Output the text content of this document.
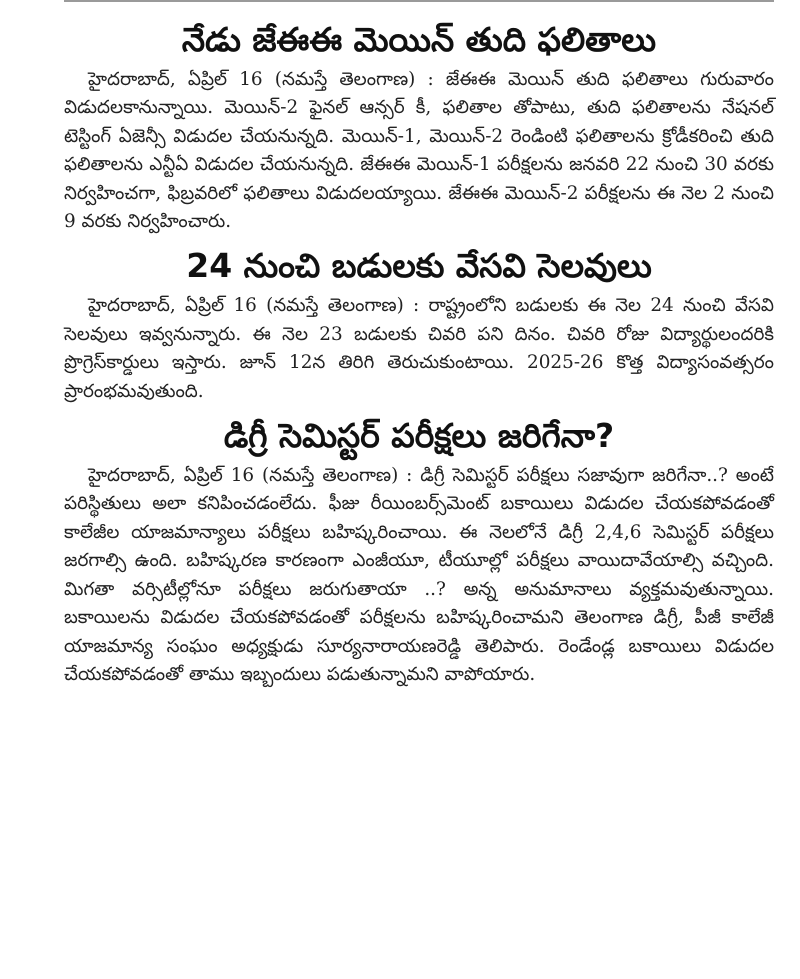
నేడు జేఈఈ మెయిన్ తుది ఫలితాలు

హైదరాబాద్, ఏప్రిల్ 16 (నమస్తే తెలంగాణ) : జేఈఈ మెయిన్ తుది ఫలితాలు గురువారం విడుదలకానున్నాయి. మెయిన్-2 ఫైనల్ ఆన్సర్ కీ, ఫలితాల తోపాటు, తుది ఫలితాలను నేషనల్ టెస్టింగ్ ఏజెన్సీ విడుదల చేయనున్నది. మెయిన్-1, మెయిన్-2 రెండింటి ఫలితాలను క్రోడీకరించి తుది ఫలితాలను ఎన్టీఏ విడుదల చేయనున్నది. జేఈఈ మెయిన్-1 పరీక్షలను జనవరి 22 నుంచి 30 వరకు నిర్వహించగా, ఫిబ్రవరిలో ఫలితాలు విడుదలయ్యాయి. జేఈఈ మెయిన్-2 పరీక్షలను ఈ నెల 2 నుంచి 9 వరకు నిర్వహించారు.

24 నుంచి బడులకు వేసవి సెలవులు

హైదరాబాద్, ఏప్రిల్ 16 (నమస్తే తెలంగాణ) : రాష్ట్రంలోని బడులకు ఈ నెల 24 నుంచి వేసవి సెలవులు ఇవ్వనున్నారు. ఈ నెల 23 బడులకు చివరి పని దినం. చివరి రోజు విద్యార్థులందరికి ప్రొగ్రెస్‌కార్డులు ఇస్తారు. జూన్ 12న తిరిగి తెరుచుకుంటాయి. 2025-26 కొత్త విద్యాసంవత్సరం ప్రారంభమవుతుంది.

డిగ్రీ సెమిస్టర్ పరీక్షలు జరిగేనా?

హైదరాబాద్, ఏప్రిల్ 16 (నమస్తే తెలంగాణ) : డిగ్రీ సెమిస్టర్ పరీక్షలు సజావుగా జరిగేనా..? అంటే పరిస్థితులు అలా కనిపించడంలేదు. ఫీజు రీయింబర్స్‌మెంట్ బకాయిలు విడుదల చేయకపోవడంతో కాలేజీల యాజమాన్యాలు పరీక్షలు బహిష్కరించాయి. ఈ నెలలోనే డిగ్రీ 2,4,6 సెమిస్టర్ పరీక్షలు జరగాల్సి ఉంది. బహిష్కరణ కారణంగా ఎంజీయూ, టీయూల్లో పరీక్షలు వాయిదావేయాల్సి వచ్చింది. మిగతా వర్సిటీల్లోనూ పరీక్షలు జరుగుతాయా ..? అన్న అనుమానాలు వ్యక్తమవుతున్నాయి. బకాయిలను విడుదల చేయకపోవడంతో పరీక్షలను బహిష్కరించామని తెలంగాణ డిగ్రీ, పీజీ కాలేజీ యాజమాన్య సంఘం అధ్యక్షుడు సూర్యనారాయణరెడ్డి తెలిపారు. రెండేండ్ల బకాయిలు విడుదల చేయకపోవడంతో తాము ఇబ్బందులు పడుతున్నామని వాపోయారు.
